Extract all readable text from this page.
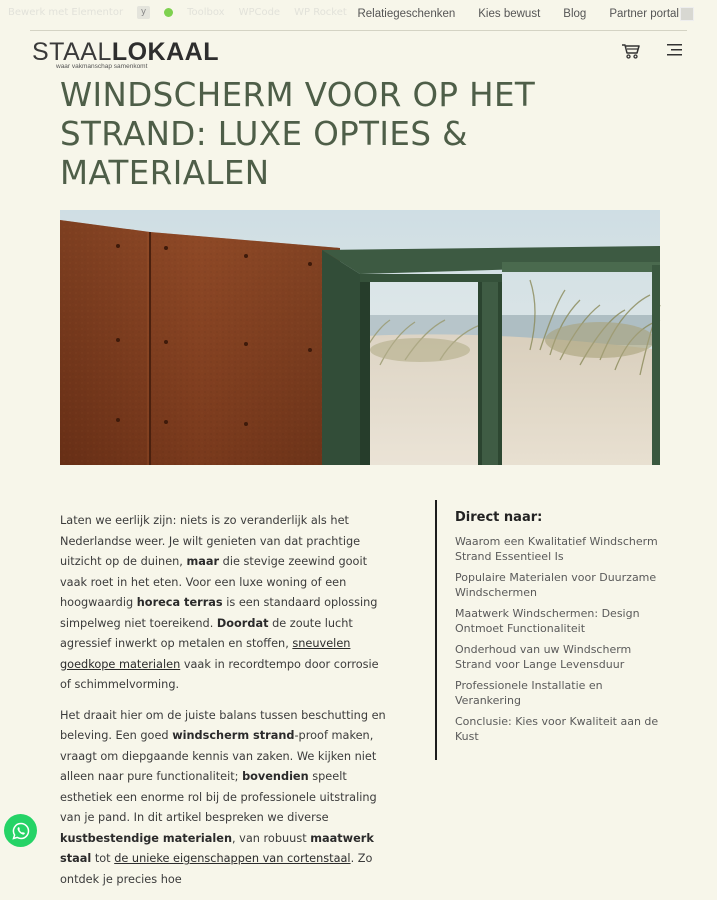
Bewerk met Elementor	y	Toolbox WPCode WP Rocket Relatiegeschenken Kies bewust Blog Partner portal
STAALLOKAAL
waar vakmanschap samenkomt
WINDSCHERM VOOR OP HET STRAND: LUXE OPTIES & MATERIALEN

Laten we eerlijk zijn: niets is zo veranderlijk als het Nederlandse weer. Je wilt genieten van dat prachtige uitzicht op de duinen, maar die stevige zeewind gooit vaak roet in het eten. Voor een luxe woning of een hoogwaardig horeca terras is een standaard oplossing simpelweg niet toereikend. Doordat de zoute lucht agressief inwerkt op metalen en stoffen, sneuvelen goedkope materialen vaak in recordtempo door corrosie of schimmelvorming.

Het draait hier om de juiste balans tussen beschutting en beleving. Een goed windscherm strand-proof maken, vraagt om diepgaande kennis van zaken. We kijken niet alleen naar pure functionaliteit; bovendien speelt esthetiek een enorme rol bij de professionele uitstraling van je pand. In dit artikel bespreken we diverse kustbestendige materialen, van robuust maatwerk staal tot de unieke eigenschappen van cortenstaal. Zo ontdek je precies hoe

Direct naar:
Waarom een Kwalitatief Windscherm Strand Essentieel Is
Populaire Materialen voor Duurzame Windschermen
Maatwerk Windschermen: Design Ontmoet Functionaliteit
Onderhoud van uw Windscherm Strand voor Lange Levensduur
Professionele Installatie en Verankering
Conclusie: Kies voor Kwaliteit aan de Kust
